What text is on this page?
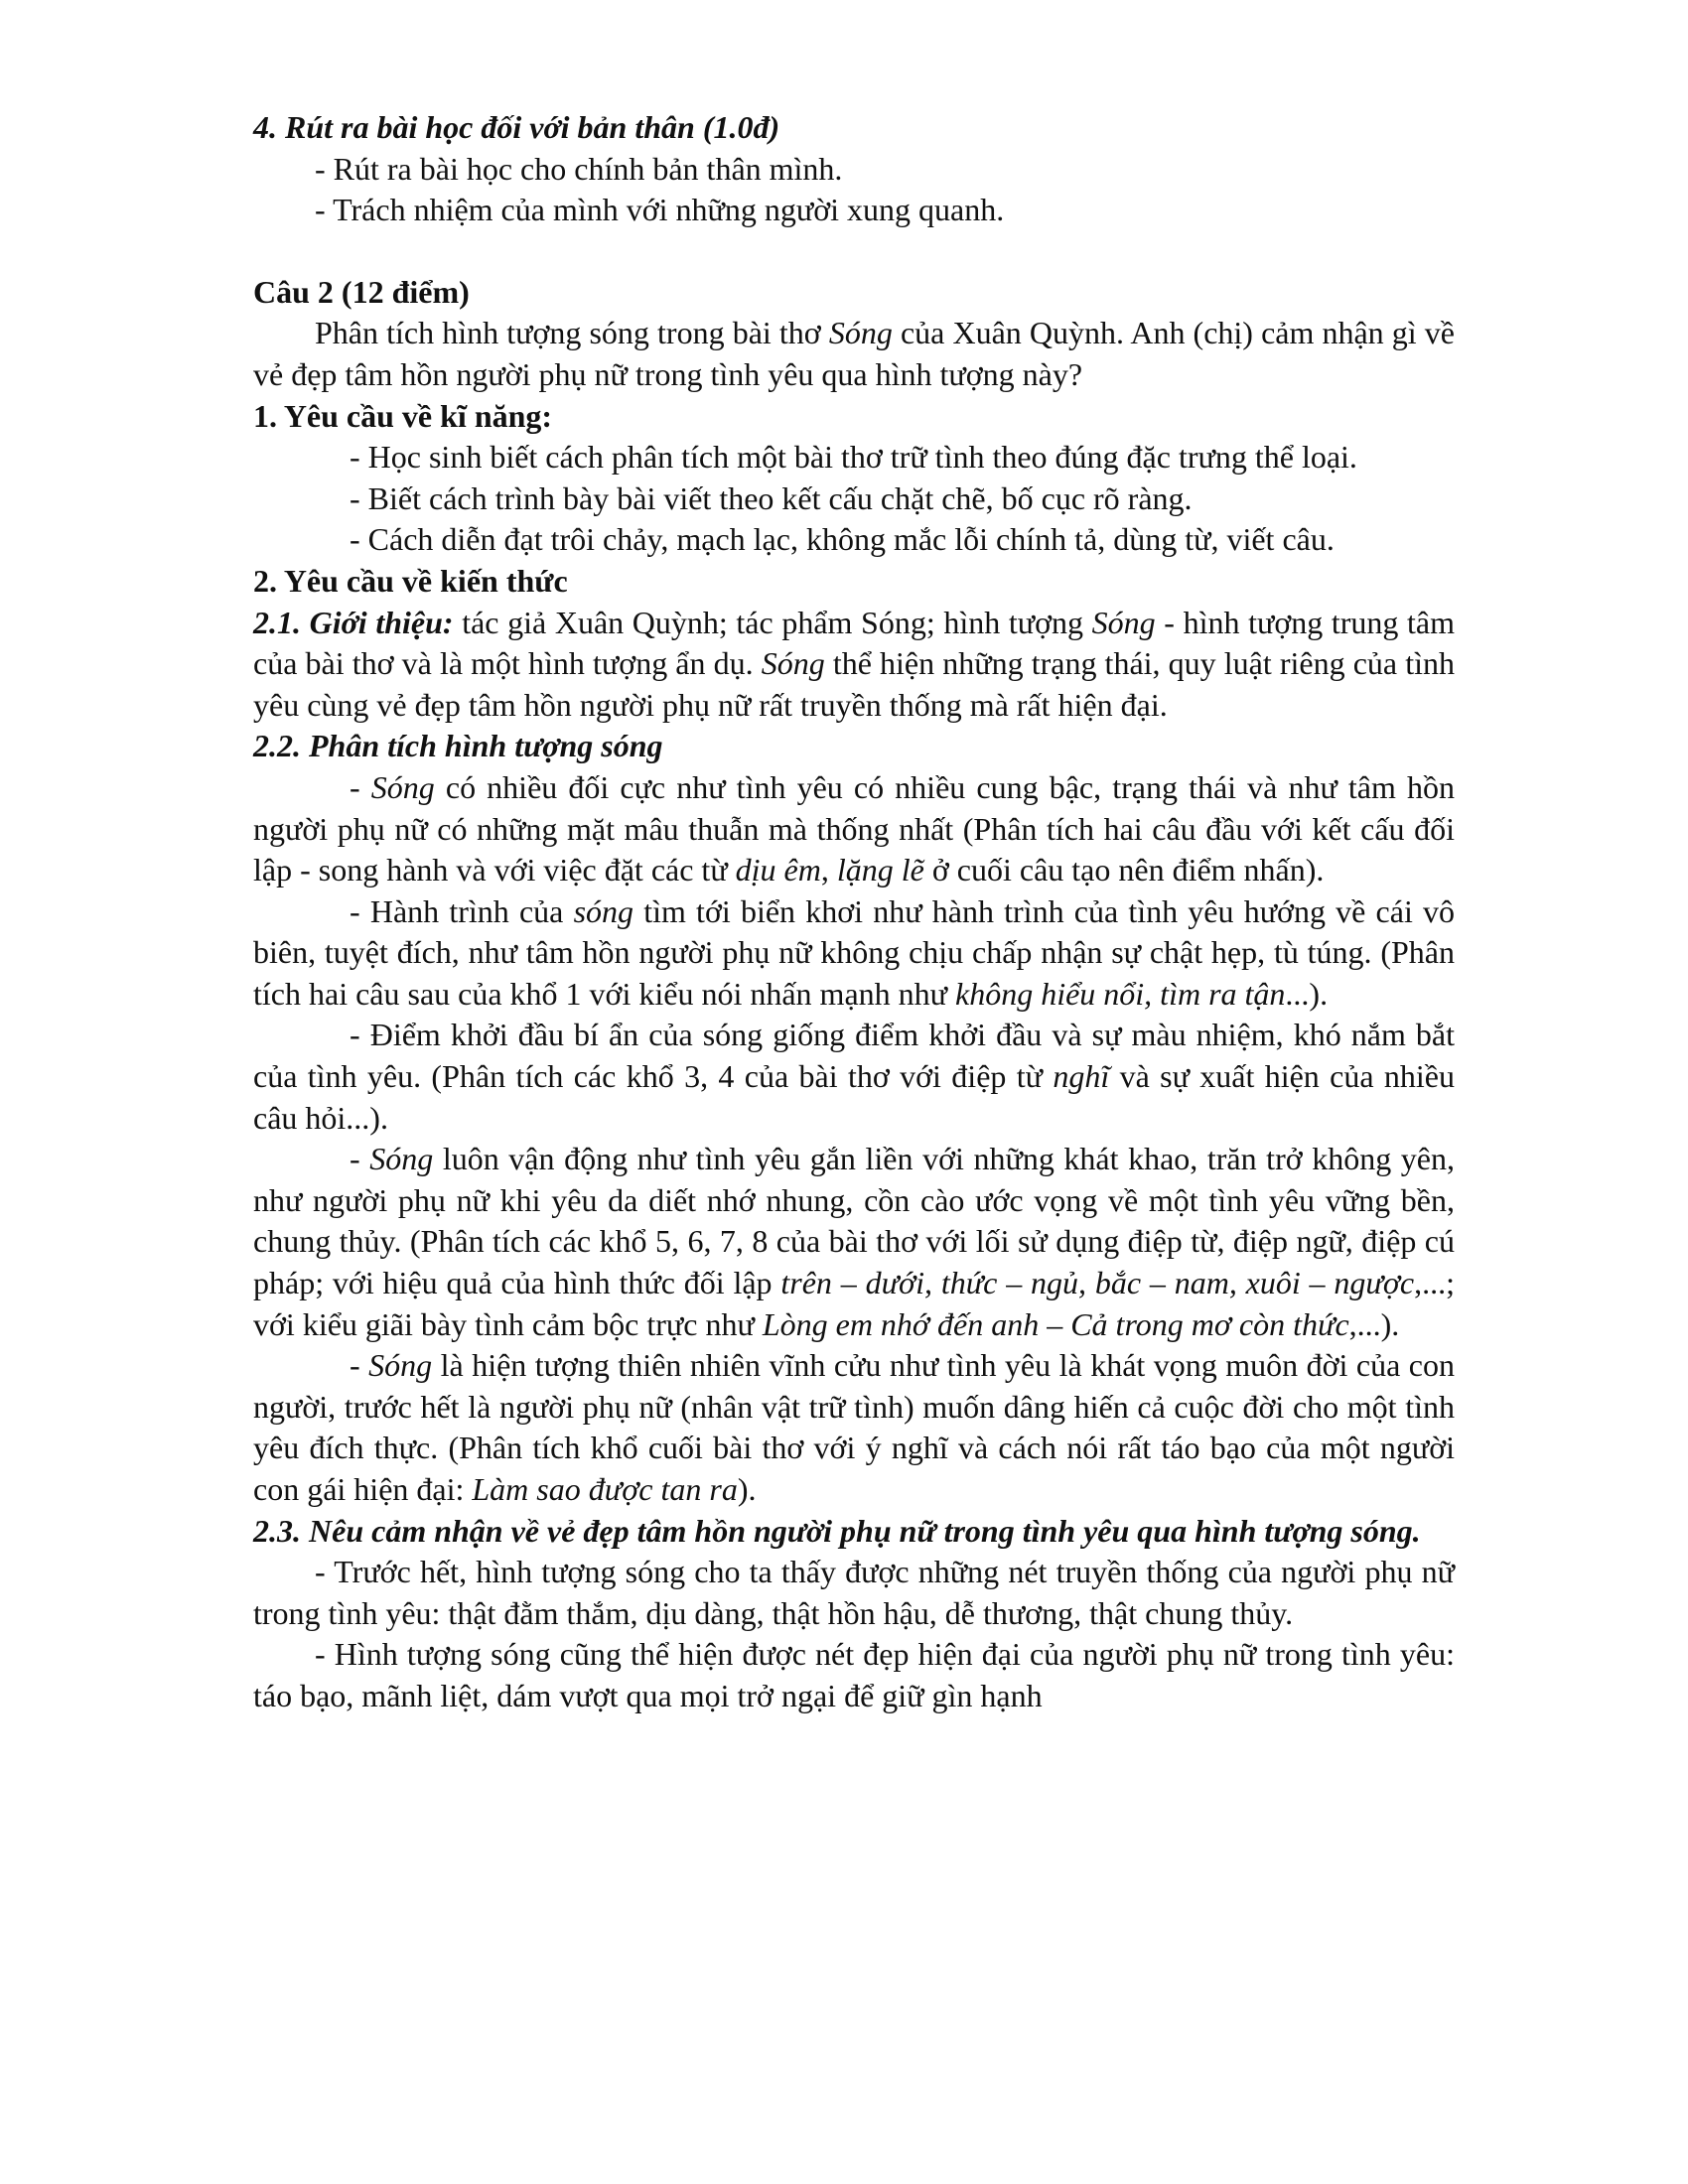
4. Rút ra bài học đối với bản thân (1.0đ)

- Rút ra bài học cho chính bản thân mình.

- Trách nhiệm của mình với những người xung quanh.

Câu 2 (12 điểm)

Phân tích hình tượng sóng trong bài thơ Sóng của Xuân Quỳnh. Anh (chị) cảm nhận gì về vẻ đẹp tâm hồn người phụ nữ trong tình yêu qua hình tượng này?

1. Yêu cầu về kĩ năng:

- Học sinh biết cách phân tích một bài thơ trữ tình theo đúng đặc trưng thể loại.

- Biết cách trình bày bài viết theo kết cấu chặt chẽ, bố cục rõ ràng.

- Cách diễn đạt trôi chảy, mạch lạc, không mắc lỗi chính tả, dùng từ, viết câu.

2. Yêu cầu về kiến thức

2.1. Giới thiệu: tác giả Xuân Quỳnh; tác phẩm Sóng; hình tượng Sóng - hình tượng trung tâm của bài thơ và là một hình tượng ẩn dụ. Sóng thể hiện những trạng thái, quy luật riêng của tình yêu cùng vẻ đẹp tâm hồn người phụ nữ rất truyền thống mà rất hiện đại.

2.2. Phân tích hình tượng sóng

- Sóng có nhiều đối cực như tình yêu có nhiều cung bậc, trạng thái và như tâm hồn người phụ nữ có những mặt mâu thuẫn mà thống nhất (Phân tích hai câu đầu với kết cấu đối lập - song hành và với việc đặt các từ dịu êm, lặng lẽ ở cuối câu tạo nên điểm nhấn).

- Hành trình của sóng tìm tới biển khơi như hành trình của tình yêu hướng về cái vô biên, tuyệt đích, như tâm hồn người phụ nữ không chịu chấp nhận sự chật hẹp, tù túng. (Phân tích hai câu sau của khổ 1 với kiểu nói nhấn mạnh như không hiểu nổi, tìm ra tận...).

- Điểm khởi đầu bí ẩn của sóng giống điểm khởi đầu và sự màu nhiệm, khó nắm bắt của tình yêu. (Phân tích các khổ 3, 4 của bài thơ với điệp từ nghĩ và sự xuất hiện của nhiều câu hỏi...).

- Sóng luôn vận động như tình yêu gắn liền với những khát khao, trăn trở không yên, như người phụ nữ khi yêu da diết nhớ nhung, cồn cào ước vọng về một tình yêu vững bền, chung thủy. (Phân tích các khổ 5, 6, 7, 8 của bài thơ với lối sử dụng điệp từ, điệp ngữ, điệp cú pháp; với hiệu quả của hình thức đối lập trên – dưới, thức – ngủ, bắc – nam, xuôi – ngược,...; với kiểu giãi bày tình cảm bộc trực như Lòng em nhớ đến anh – Cả trong mơ còn thức,...).

- Sóng là hiện tượng thiên nhiên vĩnh cửu như tình yêu là khát vọng muôn đời của con người, trước hết là người phụ nữ (nhân vật trữ tình) muốn dâng hiến cả cuộc đời cho một tình yêu đích thực. (Phân tích khổ cuối bài thơ với ý nghĩ và cách nói rất táo bạo của một người con gái hiện đại: Làm sao được tan ra).

2.3. Nêu cảm nhận về vẻ đẹp tâm hồn người phụ nữ trong tình yêu qua hình tượng sóng.

- Trước hết, hình tượng sóng cho ta thấy được những nét truyền thống của người phụ nữ trong tình yêu: thật đằm thắm, dịu dàng, thật hồn hậu, dễ thương, thật chung thủy.

- Hình tượng sóng cũng thể hiện được nét đẹp hiện đại của người phụ nữ trong tình yêu: táo bạo, mãnh liệt, dám vượt qua mọi trở ngại để giữ gìn hạnh
